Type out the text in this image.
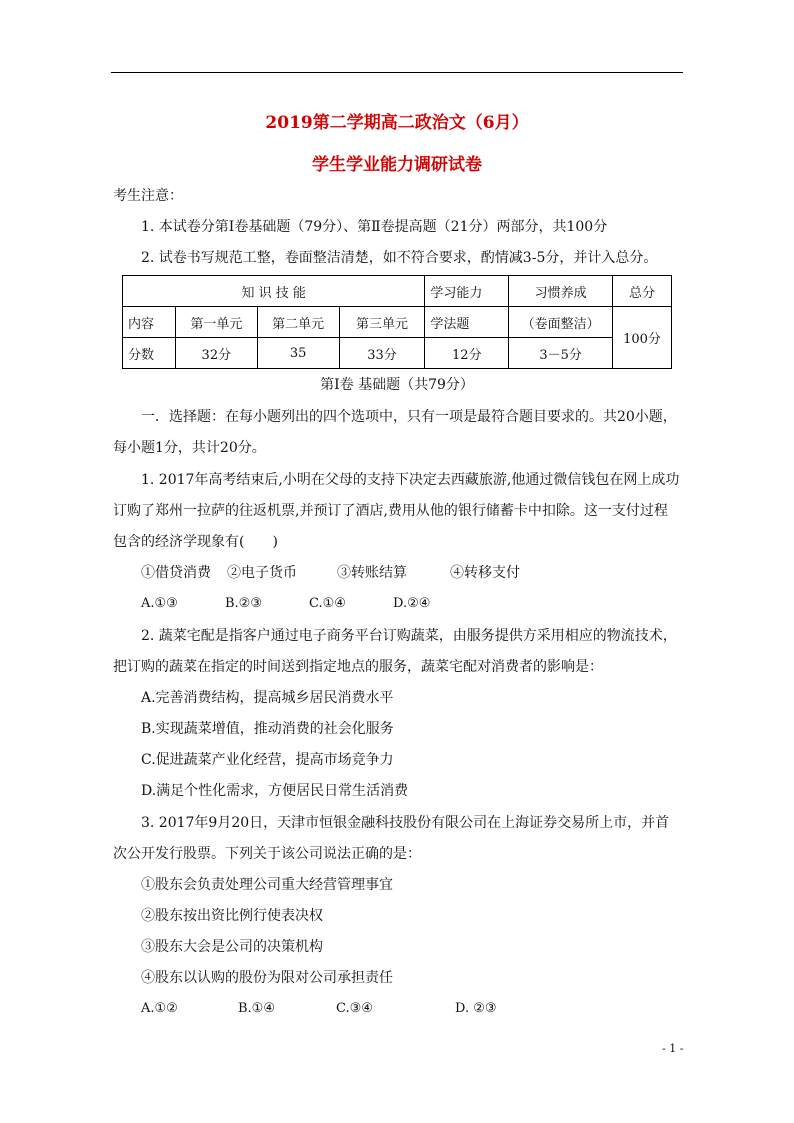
2019第二学期高二政治文（6月）
学生学业能力调研试卷
考生注意：
1. 本试卷分第Ⅰ卷基础题（79分）、第Ⅱ卷提高题（21分）两部分，共100分
2. 试卷书写规范工整，卷面整洁清楚，如不符合要求，酌情减3-5分，并计入总分。
知 识 技 能				学习能力	习惯养成	总分
内容	第一单元	第二单元	第三单元	学法题	（卷面整洁）	100分
分数	32分	35	33分	12分	3－5分	
第Ⅰ卷 基础题（共79分）
一．选择题：在每小题列出的四个选项中，只有一项是最符合题目要求的。共20小题，
每小题1分，共计20分。
1. 2017年高考结束后,小明在父母的支持下决定去西藏旅游,他通过微信钱包在网上成功
订购了郑州一拉萨的往返机票,并预订了酒店,费用从他的银行储蓄卡中扣除。这一支付过程
包含的经济学现象有(　　)
①借贷消费 ②电子货币	③转账结算	④转移支付
A.①③	B.②③	C.①④	D.②④
2. 蔬菜宅配是指客户通过电子商务平台订购蔬菜，由服务提供方采用相应的物流技术，
把订购的蔬菜在指定的时间送到指定地点的服务，蔬菜宅配对消费者的影响是：
A.完善消费结构，提高城乡居民消费水平
B.实现蔬菜增值，推动消费的社会化服务
C.促进蔬菜产业化经营，提高市场竞争力
D.满足个性化需求，方便居民日常生活消费
3. 2017年9月20日，天津市恒银金融科技股份有限公司在上海证券交易所上市，并首
次公开发行股票。下列关于该公司说法正确的是：
①股东会负责处理公司重大经营管理事宜
②股东按出资比例行使表决权
③股东大会是公司的决策机构
④股东以认购的股份为限对公司承担责任
A.①②	B.①④	C.③④	D. ②③
- 1 -
